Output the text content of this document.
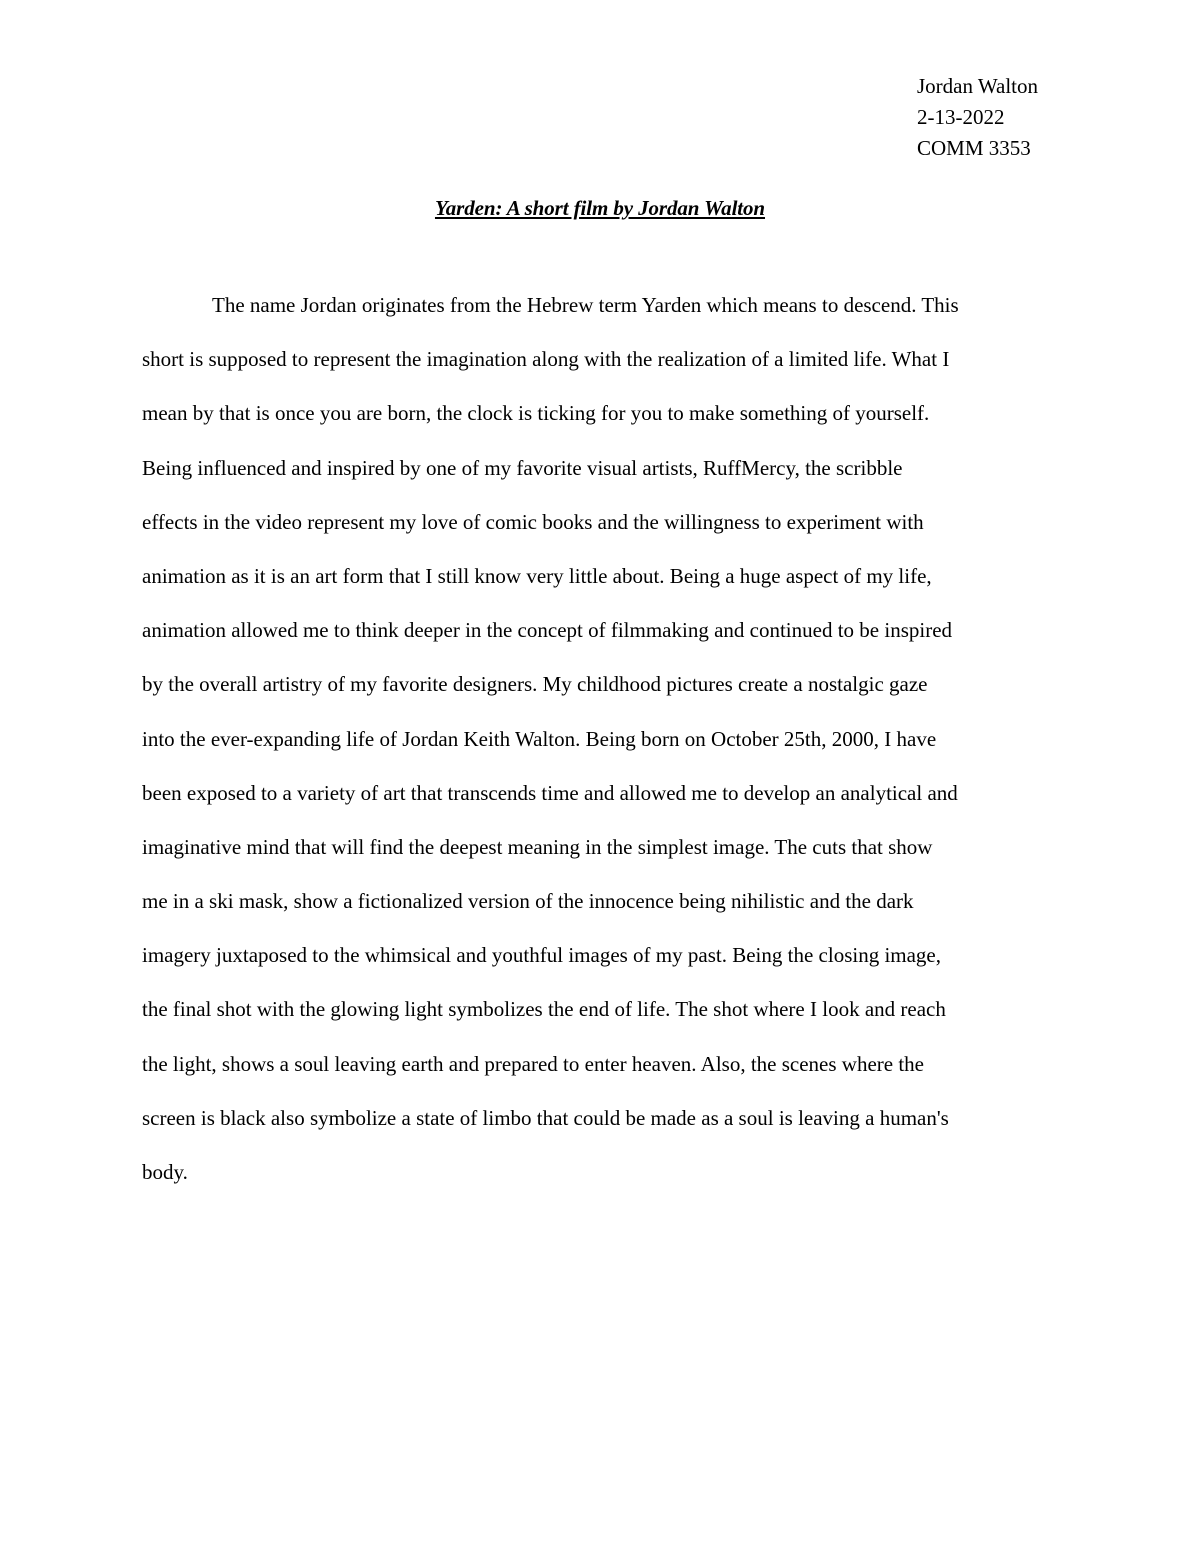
Jordan Walton
2-13-2022
COMM 3353
Yarden: A short film by Jordan Walton
The name Jordan originates from the Hebrew term Yarden which means to descend. This
short is supposed to represent the imagination along with the realization of a limited life. What I
mean by that is once you are born, the clock is ticking for you to make something of yourself.
Being influenced and inspired by one of my favorite visual artists, RuffMercy, the scribble
effects in the video represent my love of comic books and the willingness to experiment with
animation as it is an art form that I still know very little about. Being a huge aspect of my life,
animation allowed me to think deeper in the concept of filmmaking and continued to be inspired
by the overall artistry of my favorite designers. My childhood pictures create a nostalgic gaze
into the ever-expanding life of Jordan Keith Walton. Being born on October 25th, 2000, I have
been exposed to a variety of art that transcends time and allowed me to develop an analytical and
imaginative mind that will find the deepest meaning in the simplest image. The cuts that show
me in a ski mask, show a fictionalized version of the innocence being nihilistic and the dark
imagery juxtaposed to the whimsical and youthful images of my past. Being the closing image,
the final shot with the glowing light symbolizes the end of life. The shot where I look and reach
the light, shows a soul leaving earth and prepared to enter heaven. Also, the scenes where the
screen is black also symbolize a state of limbo that could be made as a soul is leaving a human's
body.
